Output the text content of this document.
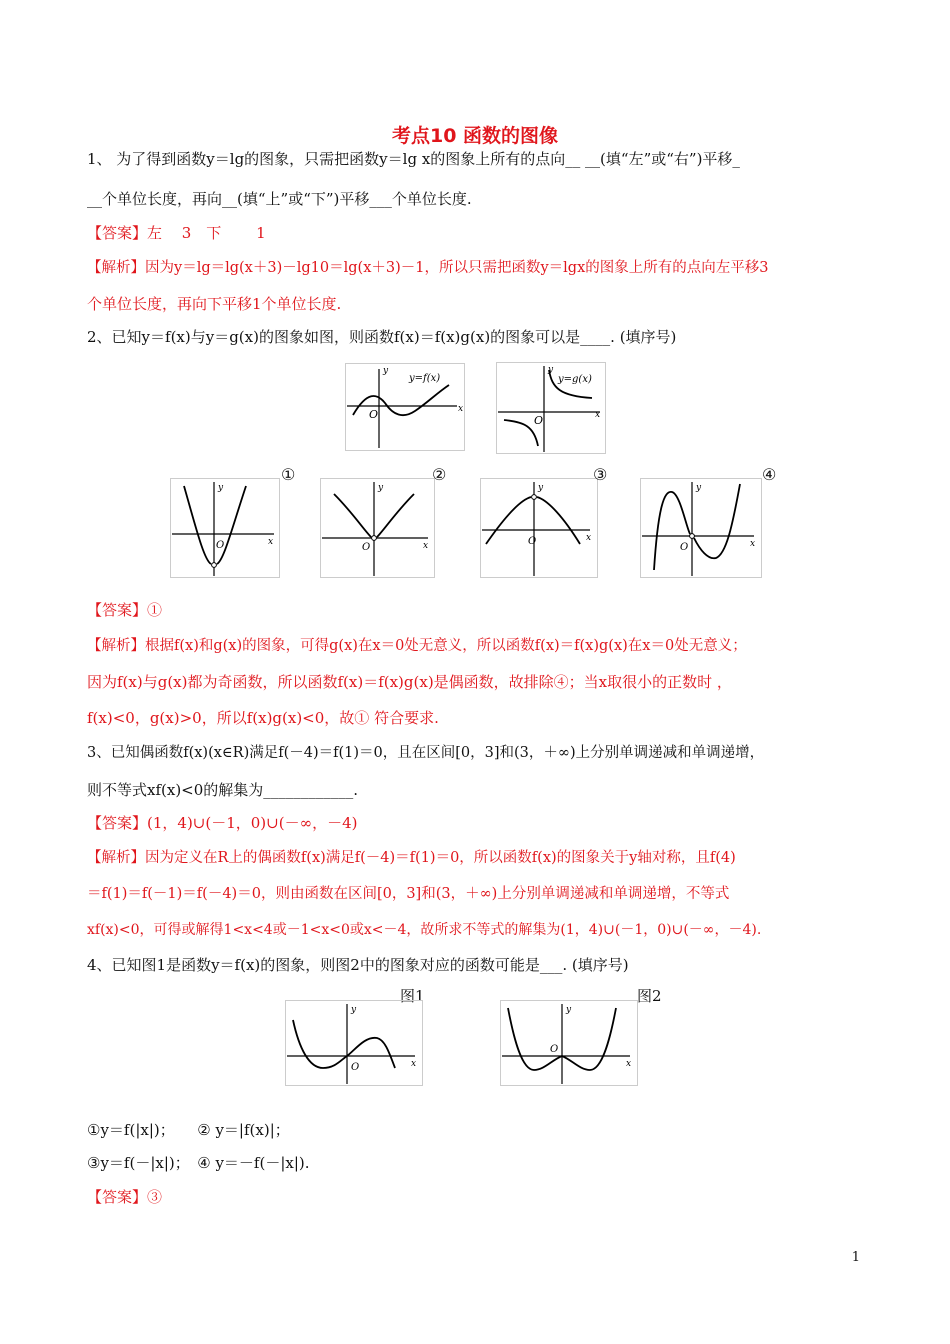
考点10 函数的图像
1、 为了得到函数y＝lg的图象，只需把函数y＝lg x的图象上所有的点向__ __(填“左”或“右”)平移_
__个单位长度，再向__(填“上”或“下”)平移___个单位长度.
【答案】左　 3　下　　 1
【解析】因为y＝lg＝lg(x＋3)－lg10＝lg(x＋3)－1，所以只需把函数y＝lgx的图象上所有的点向左平移3
个单位长度，再向下平移1个单位长度.
2、已知y＝f(x)与y＝g(x)的图象如图，则函数f(x)＝f(x)g(x)的图象可以是____. (填序号)
x
y
O
y=f(x)
x
y
O
y=g(x)
x
y
O
①
x
y
O
②
x
y
O
③
x
y
O
④
【答案】①
【解析】根据f(x)和g(x)的图象，可得g(x)在x＝0处无意义，所以函数f(x)＝f(x)g(x)在x＝0处无意义；
因为f(x)与g(x)都为奇函数，所以函数f(x)＝f(x)g(x)是偶函数，故排除④；当x取很小的正数时 ，
f(x)<0，g(x)>0，所以f(x)g(x)<0，故① 符合要求.
3、已知偶函数f(x)(x∈R)满足f(－4)＝f(1)＝0，且在区间[0，3]和(3，＋∞)上分别单调递减和单调递增，
则不等式xf(x)<0的解集为____________.
【答案】(1，4)∪(－1，0)∪(－∞，－4)
【解析】因为定义在R上的偶函数f(x)满足f(－4)＝f(1)＝0，所以函数f(x)的图象关于y轴对称，且f(4)
＝f(1)＝f(－1)＝f(－4)＝0，则由函数在区间[0，3]和(3，＋∞)上分别单调递减和单调递增，不等式
xf(x)<0，可得或解得1<x<4或－1<x<0或x<－4，故所求不等式的解集为(1，4)∪(－1，0)∪(－∞，－4).
4、已知图1是函数y＝f(x)的图象，则图2中的图象对应的函数可能是___. (填序号)
图1	图2
x
y
O	x
y
O
①y＝f(|x|)；　　② y＝|f(x)|；
③y＝f(－|x|)；　④ y＝－f(－|x|).
【答案】③
1
